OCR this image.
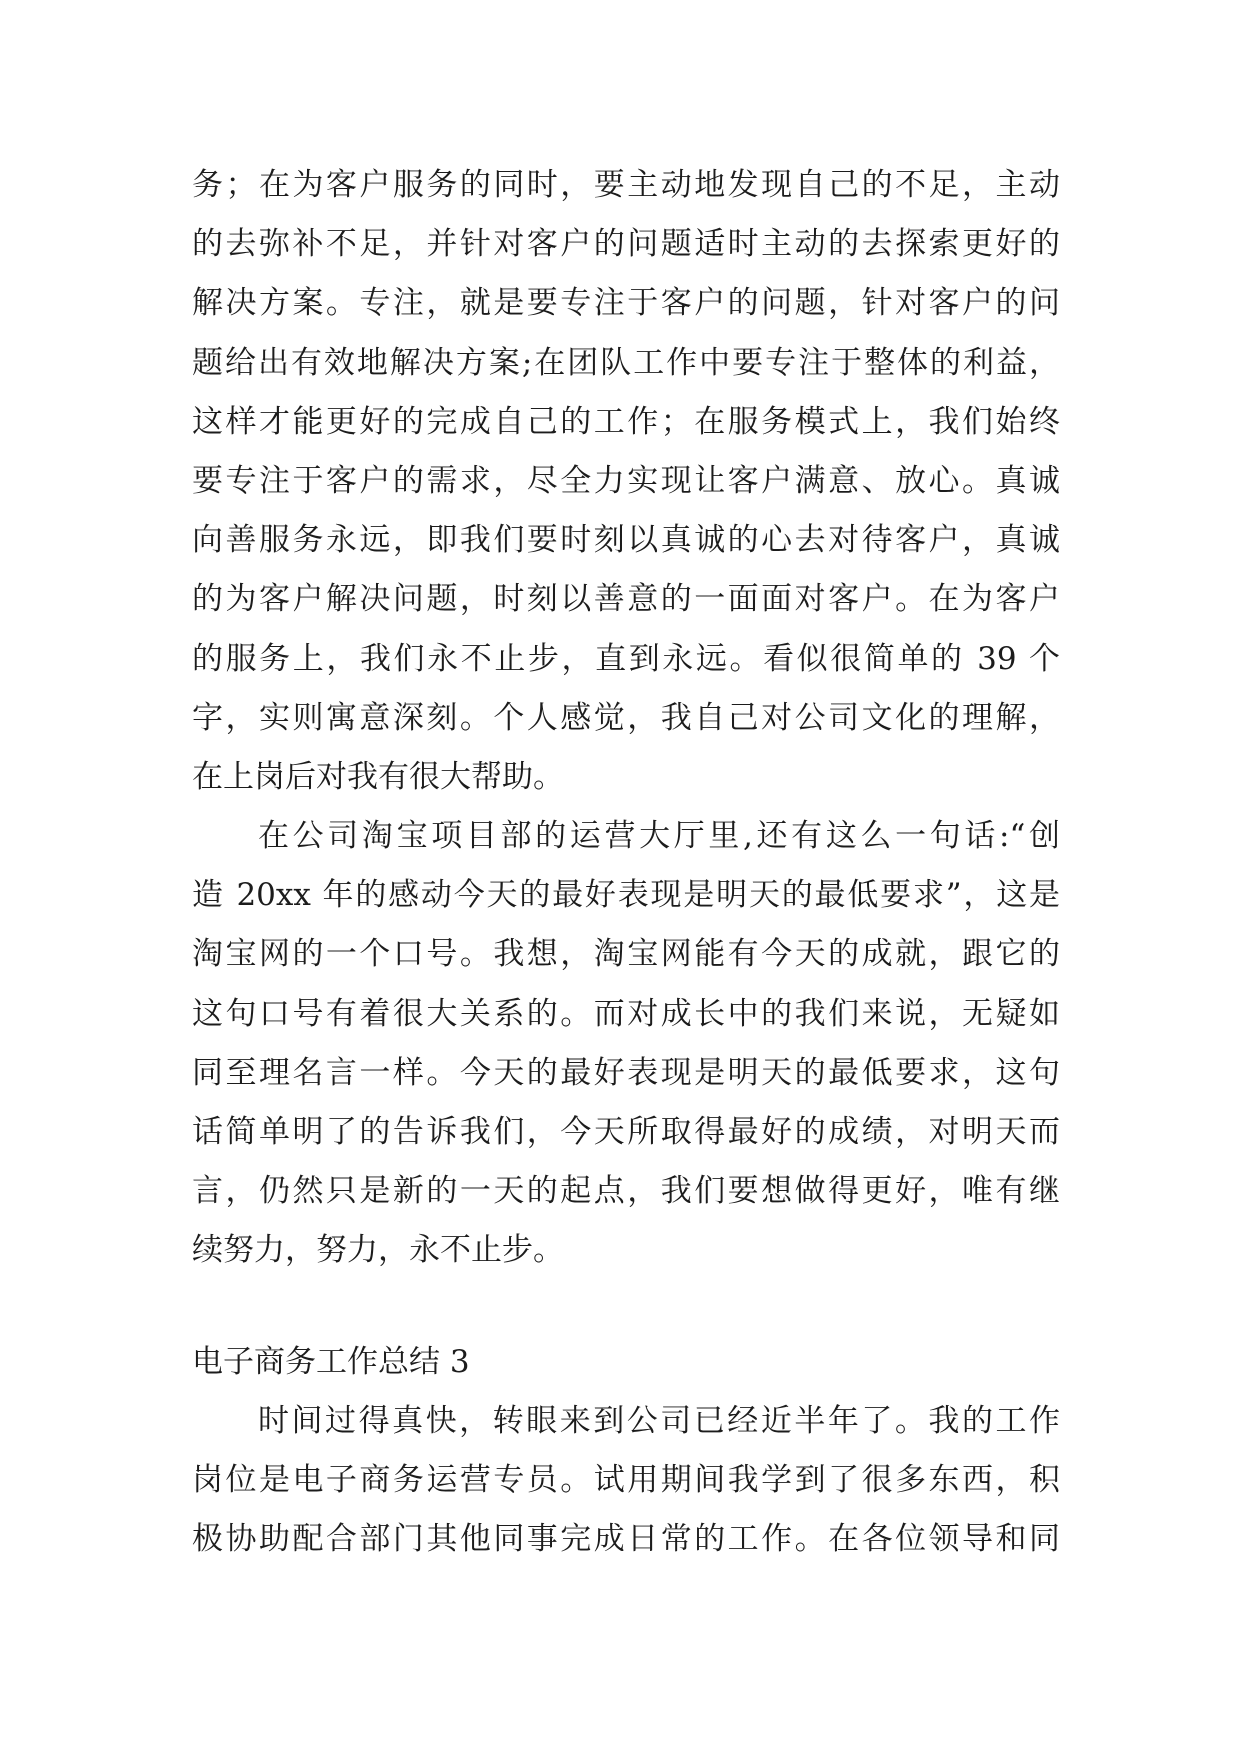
务；在为客户服务的同时，要主动地发现自己的不足，主动
的去弥补不足，并针对客户的问题适时主动的去探索更好的
解决方案。专注，就是要专注于客户的问题，针对客户的问
题给出有效地解决方案;在团队工作中要专注于整体的利益，
这样才能更好的完成自己的工作；在服务模式上，我们始终
要专注于客户的需求，尽全力实现让客户满意、放心。真诚
向善服务永远，即我们要时刻以真诚的心去对待客户，真诚
的为客户解决问题，时刻以善意的一面面对客户。在为客户
的服务上，我们永不止步，直到永远。看似很简单的 39 个
字，实则寓意深刻。个人感觉，我自己对公司文化的理解，
在上岗后对我有很大帮助。
在公司淘宝项目部的运营大厅里,还有这么一句话:“创
造 20xx 年的感动今天的最好表现是明天的最低要求”，这是
淘宝网的一个口号。我想，淘宝网能有今天的成就，跟它的
这句口号有着很大关系的。而对成长中的我们来说，无疑如
同至理名言一样。今天的最好表现是明天的最低要求，这句
话简单明了的告诉我们，今天所取得最好的成绩，对明天而
言，仍然只是新的一天的起点，我们要想做得更好，唯有继
续努力，努力，永不止步。
电子商务工作总结 3
时间过得真快，转眼来到公司已经近半年了。我的工作
岗位是电子商务运营专员。试用期间我学到了很多东西，积
极协助配合部门其他同事完成日常的工作。在各位领导和同
